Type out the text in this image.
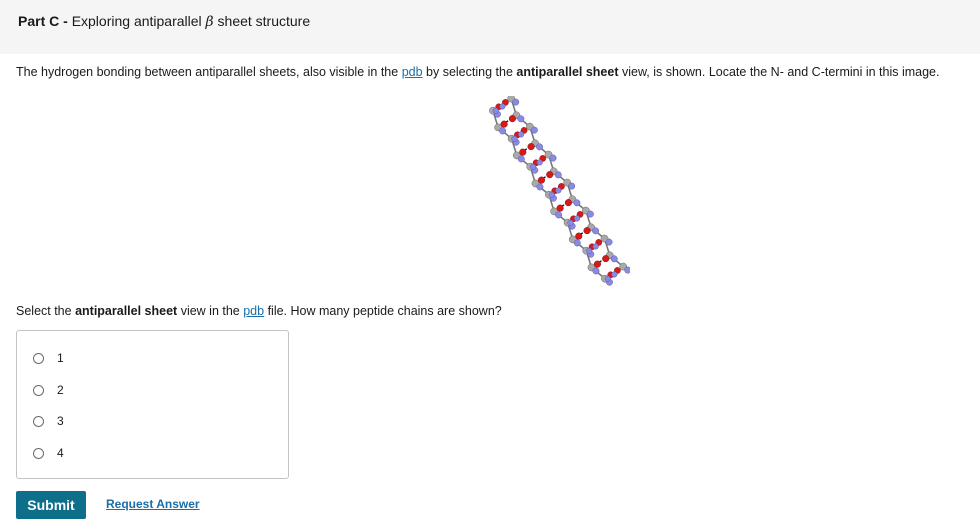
Part C - Exploring antiparallel β sheet structure
The hydrogen bonding between antiparallel sheets, also visible in the pdb by selecting the antiparallel sheet view, is shown. Locate the N- and C-termini in this image.
Select the antiparallel sheet view in the pdb file. How many peptide chains are shown?
1
2
3
4
Submit	Request Answer
